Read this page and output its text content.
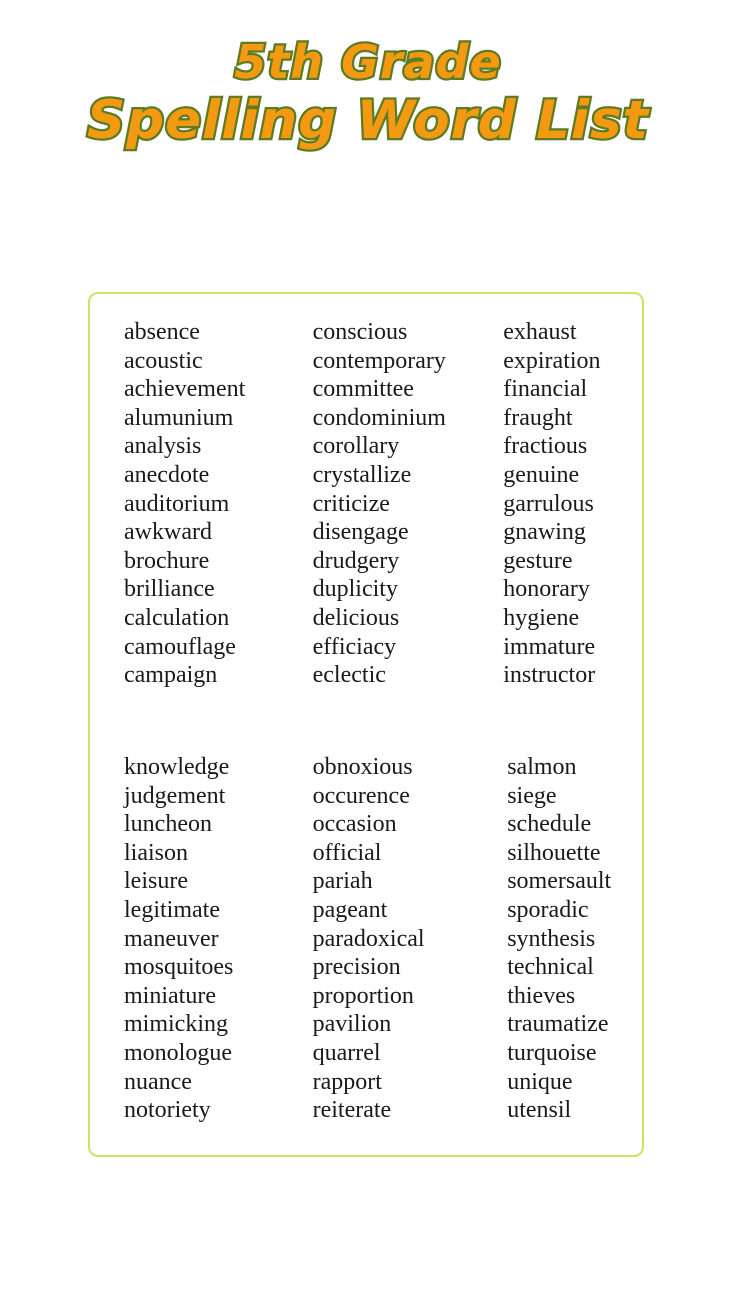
5th Grade
Spelling Word List
absence
acoustic
achievement
alumunium
analysis
anecdote
auditorium
awkward
brochure
brilliance
calculation
camouflage
campaign
conscious
contemporary
committee
condominium
corollary
crystallize
criticize
disengage
drudgery
duplicity
delicious
efficiacy
eclectic
exhaust
expiration
financial
fraught
fractious
genuine
garrulous
gnawing
gesture
honorary
hygiene
immature
instructor
knowledge
judgement
luncheon
liaison
leisure
legitimate
maneuver
mosquitoes
miniature
mimicking
monologue
nuance
notoriety
obnoxious
occurence
occasion
official
pariah
pageant
paradoxical
precision
proportion
pavilion
quarrel
rapport
reiterate
salmon
siege
schedule
silhouette
somersault
sporadic
synthesis
technical
thieves
traumatize
turquoise
unique
utensil
